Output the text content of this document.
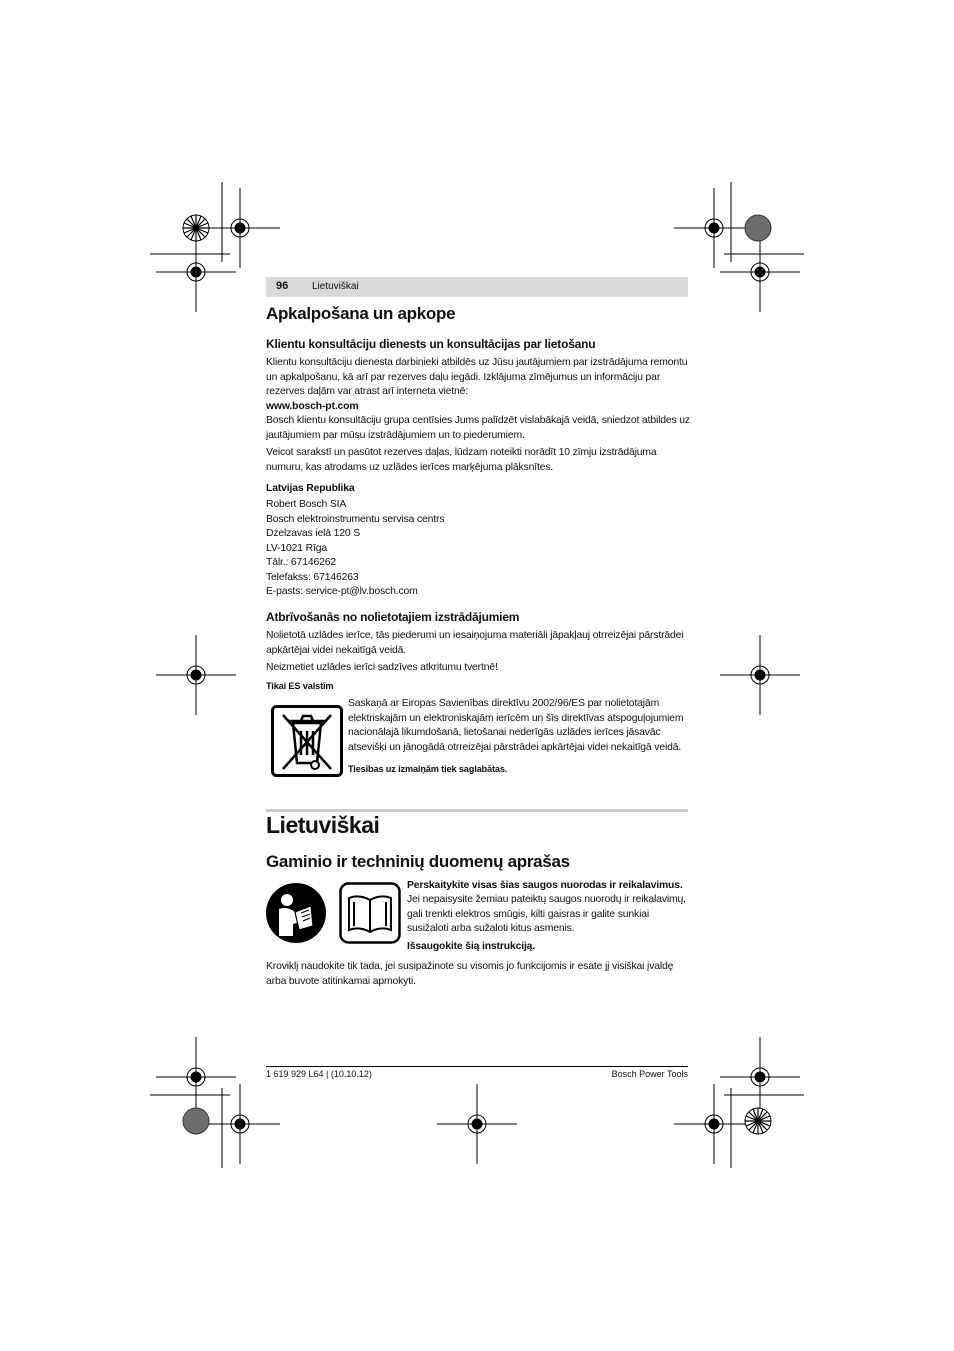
96 Lietuviškai
Apkalpošana un apkope
Klientu konsultāciju dienests un konsultācijas par lietošanu
Klientu konsultāciju dienesta darbinieki atbildēs uz Jūsu jautājumiem par izstrādājuma remontu un apkalpošanu, kā arī par rezerves daļu iegādi. Izklājuma zīmējumus un informāciju par rezerves daļām var atrast arī interneta vietnē:
www.bosch-pt.com
Bosch klientu konsultāciju grupa centīsies Jums palīdzēt vislabākajā veidā, sniedzot atbildes uz jautājumiem par mūsu izstrādājumiem un to piederumiem.
Veicot sarakstī un pasūtot rezerves daļas, lūdzam noteikti norādīt 10 zīmju izstrādājuma numuru, kas atrodams uz uzlādes ierīces marķējuma plāksnītes.
Latvijas Republika
Robert Bosch SIA
Bosch elektroinstrumentu servisa centrs
Dzelzavas ielā 120 S
LV-1021 Rīga
Tālr.: 67146262
Telefakss: 67146263
E-pasts: service-pt@lv.bosch.com
Atbrīvošanās no nolietotajiem izstrādājumiem
Nolietotā uzlādes ierīce, tās piederumi un iesaiņojuma materiāli jāpakļauj otrreizējai pārstrādei apkārtējai videi nekaitīgā veidā.
Neizmetiet uzlādes ierīci sadzīves atkritumu tvertnē!
Tikai ES valstīm
Saskaņā ar Eiropas Savienības direktīvu 2002/96/ES par nolietotajām elektriskajām un elektroniskajām ierīcēm un šīs direktīvas atspoguļojumiem nacionālajā likumdošanā, lietošanai nederīgās uzlādes ierīces jāsavāc atsevišķi un jānogādā otrreizējai pārstrādei apkārtējai videi nekaitīgā veidā.
Tiesības uz izmaiņām tiek saglabātas.
Lietuviškai
Gaminio ir techninių duomenų aprašas
Perskaitykite visas šias saugos nuorodas ir reikalavimus.
Jei nepaisysite žemiau pateiktų saugos nuorodų ir reikalavimų, gali trenkti elektros smūgis, kilti gaisras ir galite sunkiai susižaloti arba sužaloti kitus asmenis.
Išsaugokite šią instrukciją.
Kroviklį naudokite tik tada, jei susipažinote su visomis jo funkcijomis ir esate jį visiškai įvaldę arba buvote atitinkamai apmokyti.
1 619 929 L64 | (10.10.12)	Bosch Power Tools
